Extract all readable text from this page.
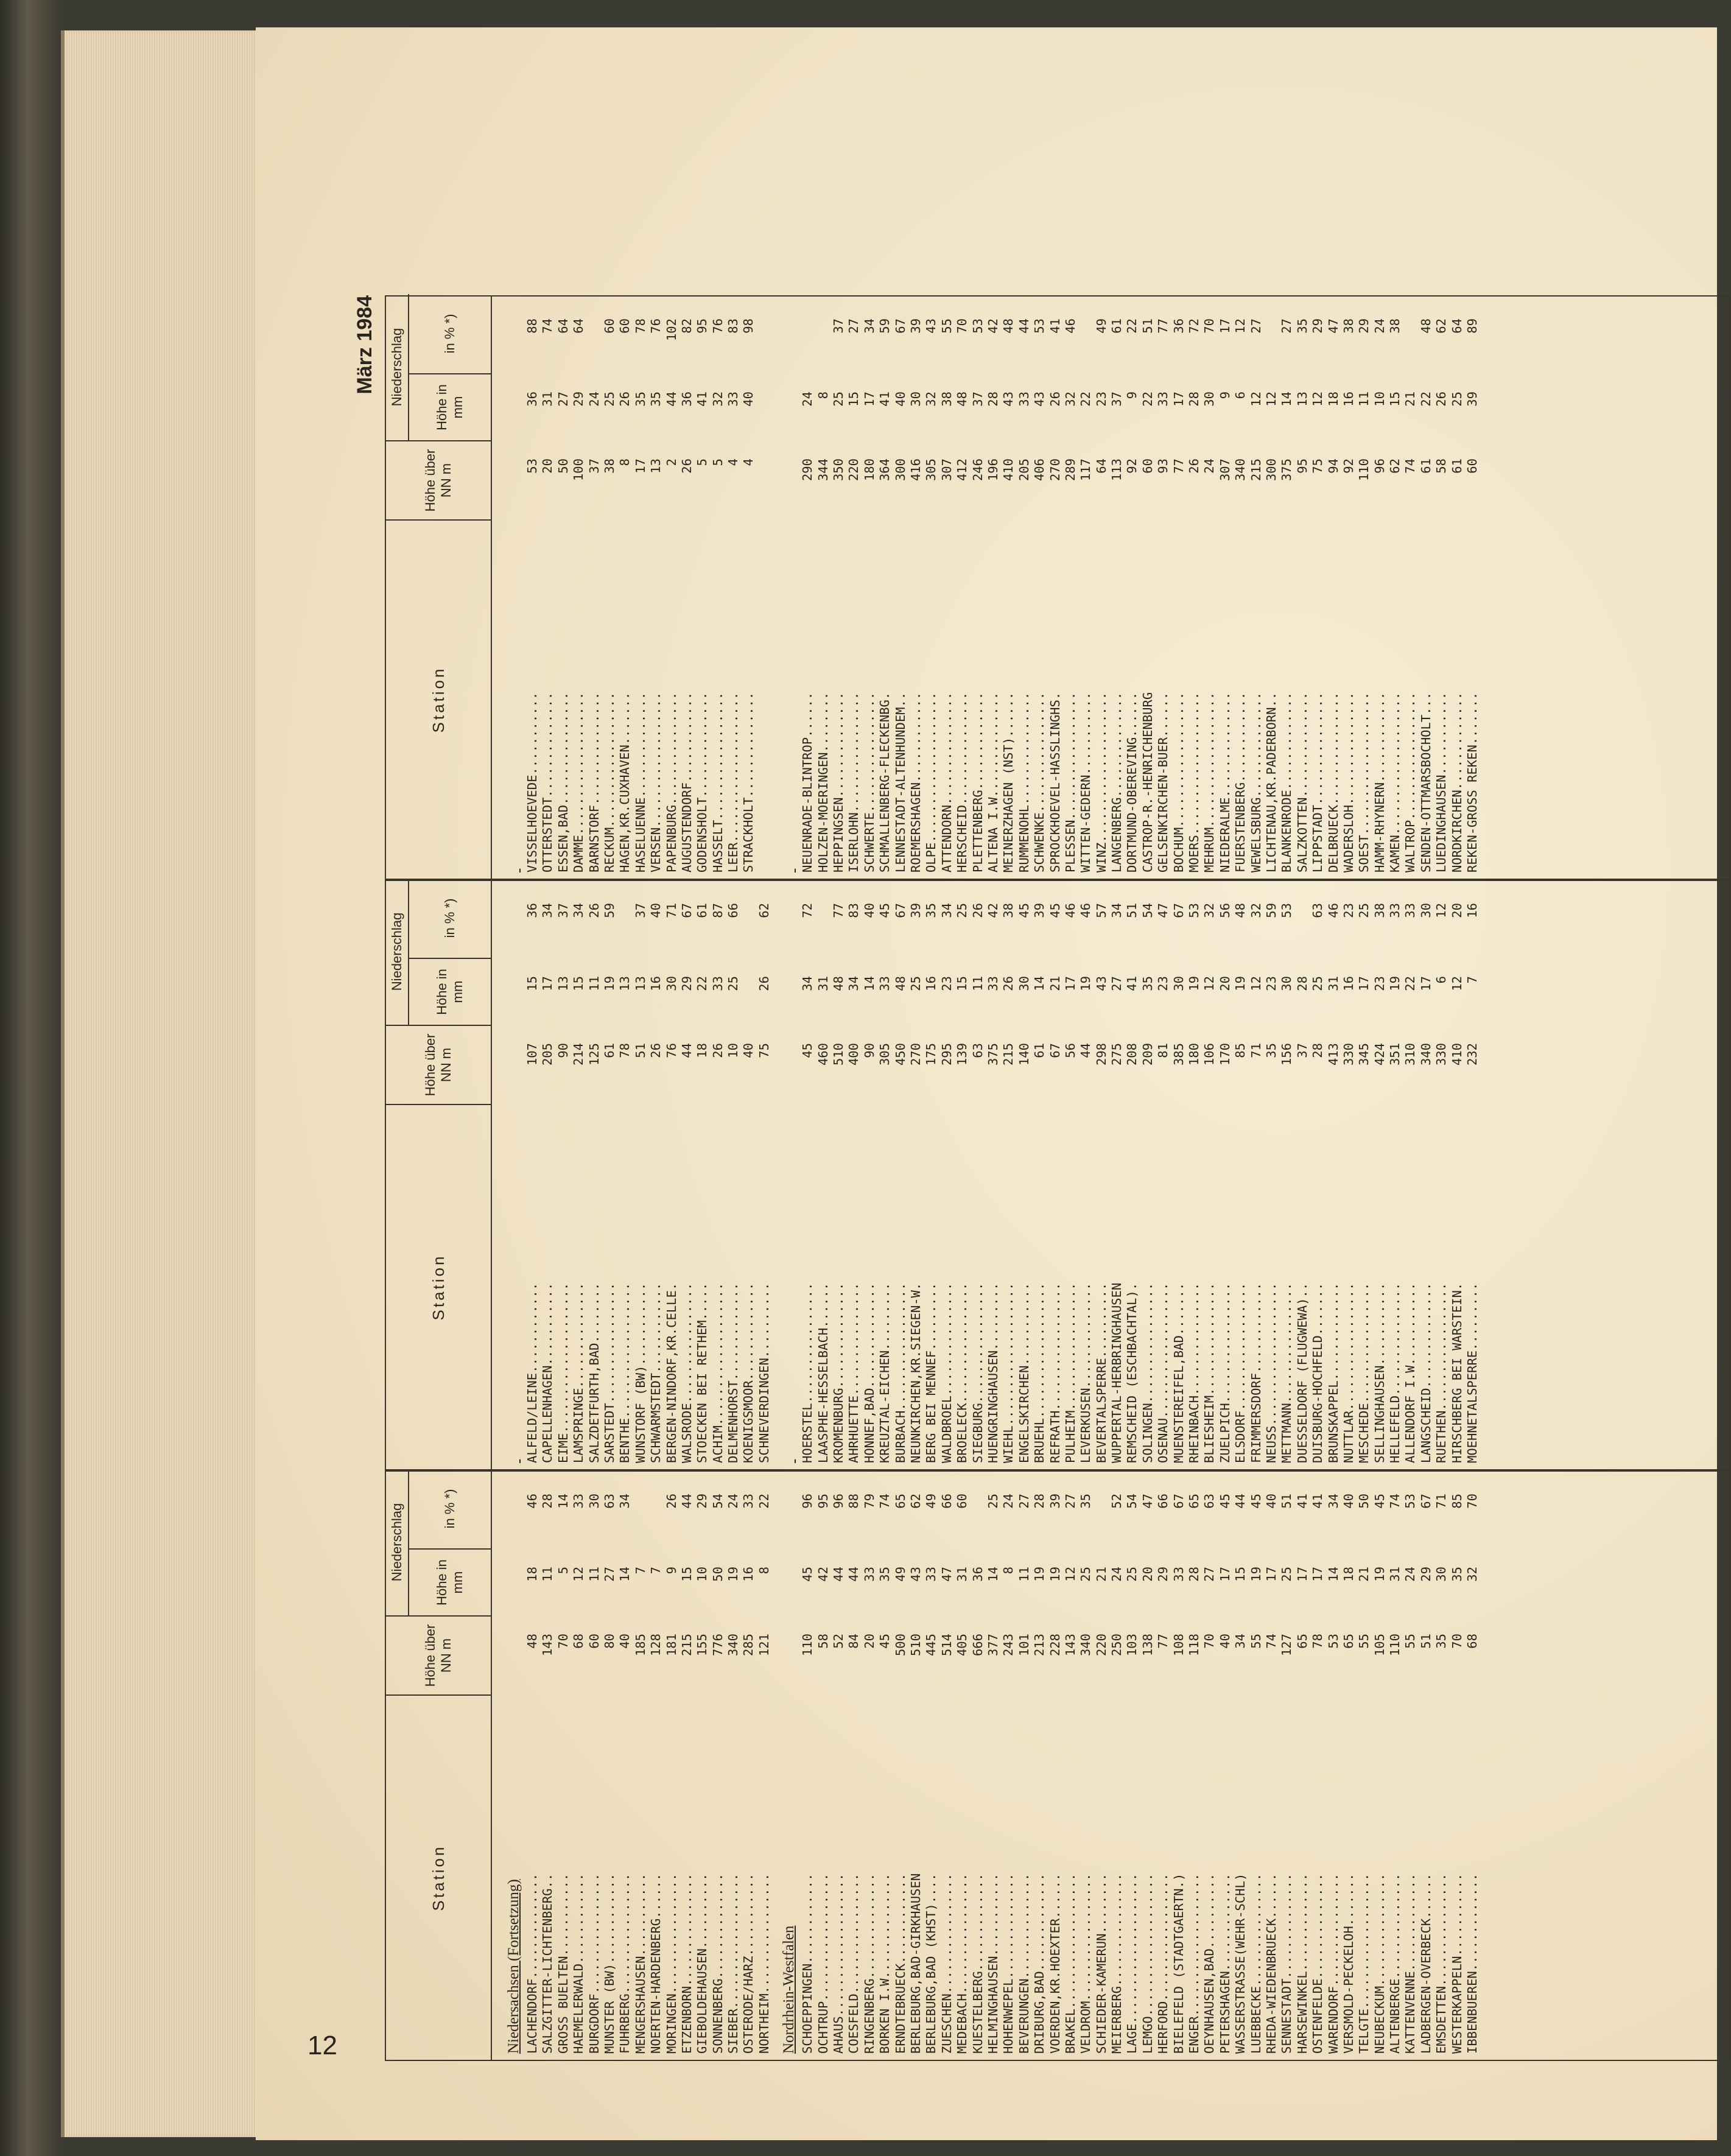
12
März 1984
Station
Höhe über NN m
Niederschlag
Höhe in mm
in % *)
Niedersachsen (Fortsetzung) LACHENDORF..............
48
18
46
SALZGITTER-LICHTENBERG..
143
11
28
GROSS BUELTEN...........
70
5
14
HAEMELERWALD............
68
12
33
BURGDORF................
60
11
30
MUNSTER (BW)............
80
27
63
FUHRBERG................
40
14
34
MENGERSHAUSEN...........
185
7
NOERTEN-HARDENBERG......
128
7
MORINGEN................
181
9
26
ETZENBORN...............
215
15
44
GIEBOLDEHAUSEN..........
155
10
29
SONNENBERG..............
776
50
54
SIEBER..................
340
19
24
OSTERODE/HARZ...........
285
16
33
NORTHEIM................
121
8
22
Nordrhein-Westfalen SCHOEPPINGEN............
110
45
96
OCHTRUP.................
58
42
95
AHAUS...................
52
44
96
COESFELD................
84
44
88
RINGENBERG..............
20
33
79
BORKEN I.W..............
45
35
74
ERNDTEBRUECK............
500
49
65
BERLEBURG,BAD-GIRKHAUSEN
510
43
62
BERLEBURG,BAD (KHST)....
445
33
49
ZUESCHEN................
514
47
66
MEDEBACH................
405
31
60
KUESTELBERG.............
666
36
HELMINGHAUSEN...........
377
14
25
HOHENWEPEL..............
243
8
24
BEVERUNGEN..............
101
11
27
DRIBURG,BAD.............
213
19
28
VOERDEN,KR.HOEXTER......
228
19
39
BRAKEL..................
143
12
27
VELDROM.................
340
25
35
SCHIEDER-KAMERUN........
220
21
MEIERBERG...............
250
24
52
LAGE....................
103
25
54
LEMGO...................
138
20
47
HERFORD.................
77
29
66
BIELEFELD (STADTGAERTN.)
108
33
67
ENGER...................
118
28
65
OEYNHAUSEN,BAD..........
70
27
63
PETERSHAGEN.............
40
17
45
WASSERSTRASSE(WEHR-SCHL)
34
15
44
LUEBBECKE...............
55
19
45
RHEDA-WIEDENBRUECK......
74
17
40
SENNESTADT..............
127
25
51
HARSEWINKEL.............
65
17
41
OSTENFELDE..............
78
17
41
WARENDORF...............
53
14
34
VERSMOLD-PECKELOH.......
65
18
40
TELGTE..................
55
21
50
NEUBECKUM...............
105
19
45
ALTENBERGE..............
110
31
74
KATTENVENNE.............
55
24
53
LADBERGEN-OVERBECK......
51
29
67
EMSDETTEN...............
35
30
71
WESTERKAPPELN...........
70
35
85
IBBENBUEREN.............
68
32
70
Station
Höhe über NN m
Niederschlag
Höhe in mm
in % *)

ALFELD/LEINE............
107
15
36
CAPELLENHAGEN...........
205
17
34
EIME....................
90
13
37
LAMSPRINGE..............
214
15
34
SALZDETFURTH,BAD........
125
11
26
SARSTEDT................
61
19
59
BENTHE..................
78
13
WUNSTORF (BW)...........
51
13
37
SCHWARMSTEDT............
26
16
40
BERGEN-NINDORF,KR.CELLE.
76
30
71
WALSRODE................
44
29
67
STOECKEN BEI RETHEM.....
18
22
61
ACHIM...................
26
33
87
DELMENHORST.............
10
25
66
KOENIGSMOOR.............
40
SCHNEVERDINGEN..........
75
26
62

HOERSTEL................
45
34
72
LAASPHE-HESSELBACH......
460
31
KROMENBURG..............
510
48
77
AHRHUETTE...............
400
34
83
HONNEF,BAD..............
90
14
40
KREUZTAL-EICHEN.........
305
33
45
BURBACH.................
450
48
67
NEUNKIRCHEN,KR.SIEGEN-W.
270
25
39
BERG BEI MENNEF.........
175
16
35
WALDBROEL...............
295
23
34
BROELECK................
139
15
25
SIEGBURG................
63
11
26
HUENGRINGHAUSEN.........
375
33
42
WIEHL...................
215
26
38
ENGELSKIRCHEN...........
140
30
45
BRUEHL..................
61
14
39
REFRATH.................
67
21
45
PULHEIM.................
56
17
46
LEVERKUSEN..............
44
19
46
BEVERTALSPERRE..........
298
43
57
WUPPERTAL-HERBRINGHAUSEN
275
27
34
REMSCHEID (ESCHBACHTAL).
208
41
51
SOLINGEN................
209
35
54
OSENAU..................
81
23
47
MUENSTEREIFEL,BAD.......
385
30
67
RHEINBACH...............
180
19
53
BLIESHEIM...............
106
12
32
ZUELPICH................
170
20
56
ELSDORF.................
85
19
48
FRIMMERSDORF............
71
12
32
NEUSS...................
35
23
59
METTMANN................
156
30
53
DUESSELDORF (FLUGWEWA)..
37
28
DUISBURG-HOCHFELD.......
28
25
63
BRUNSKAPPEL.............
413
31
46
NUTTLAR.................
330
16
23
MESCHEDE................
345
17
25
SELLINGHAUSEN...........
424
23
38
HELLEFELD...............
351
19
33
ALLENDORF I.W...........
310
22
33
LANGSCHEID..............
340
17
30
RUETHEN.................
330
6
12
HIRSCHBERG BEI WARSTEIN.
410
12
20
MOEHNETALSPERRE.........
232
7
16
Station
Höhe über NN m
Niederschlag
Höhe in mm
in % *)

VISSELHOEVEDE...........
53
36
88
OTTERSTEDT..............
20
31
74
ESSEN,BAD...............
50
27
64
DAMME...................
100
29
64
BARNSTORF...............
37
24
RECKUM..................
38
25
60
HAGEN,KR.CUXHAVEN.......
8
26
60
HASELUENNE..............
17
35
78
VERSEN..................
13
35
76
PAPENBURG...............
2
44
102
AUGUSTENDORF............
26
36
82
GODENSHOLT..............
5
41
95
HASSELT.................
5
32
76
LEER....................
4
33
83
STRACKHOLT..............
4
40
98

NEUENRADE-BLINTROP......
290
24
HOLZEN-MOERINGEN........
344
8
HEPPINGSEN..............
350
25
37
ISERLOHN................
220
15
27
SCHWERTE................
180
17
34
SCHMALLENBERG-FLECKENBG.
364
41
59
LENNESTADT-ALTENHUNDEM..
300
40
67
ROEMERSHAGEN............
416
30
39
OLPE....................
305
32
43
ATTENDORN...............
307
38
55
HERSCHEID...............
412
48
70
PLETTENBERG.............
246
37
53
ALTENA I.W..............
196
28
42
MEINERZHAGEN (NST)......
410
43
48
RUMMENOHL...............
205
33
44
SCHWENKE................
406
43
53
SPROCKHOEVEL-HASSLINGHS.
270
26
41
PLESSEN.................
289
32
46
WITTEN-GEDERN...........
117
22
WINZ....................
64
23
49
LANGENBERG..............
113
37
61
DORTMUND-OBEREVING......
92
9
22
CASTROP-R.-HENRICHENBURG
60
22
51
GELSENKIRCHEN-BUER......
93
33
77
BOCHUM..................
77
17
36
MOERS...................
26
28
72
MEHRUM..................
24
30
70
NIEDERALME..............
307
9
17
FUERSTENBERG............
340
6
12
WEWELSBURG..............
215
12
27
LICHTENAU,KR.PADERBORN..
300
12
BLANKENRODE.............
375
14
27
SALZKOTTEN..............
95
13
35
LIPPSTADT...............
75
12
29
DELBRUECK...............
94
18
47
WADERSLOH...............
92
16
38
SOEST...................
110
11
29
HAMM-RHYNERN............
96
10
24
KAMEN...................
62
15
38
WALTROP.................
74
21
SENDEN-OTTMARSBOCHOLT...
61
22
48
LUEDINGHAUSEN...........
58
26
62
NORDKIRCHEN.............
61
25
64
REKEN-GROSS REKEN.......
60
39
89
